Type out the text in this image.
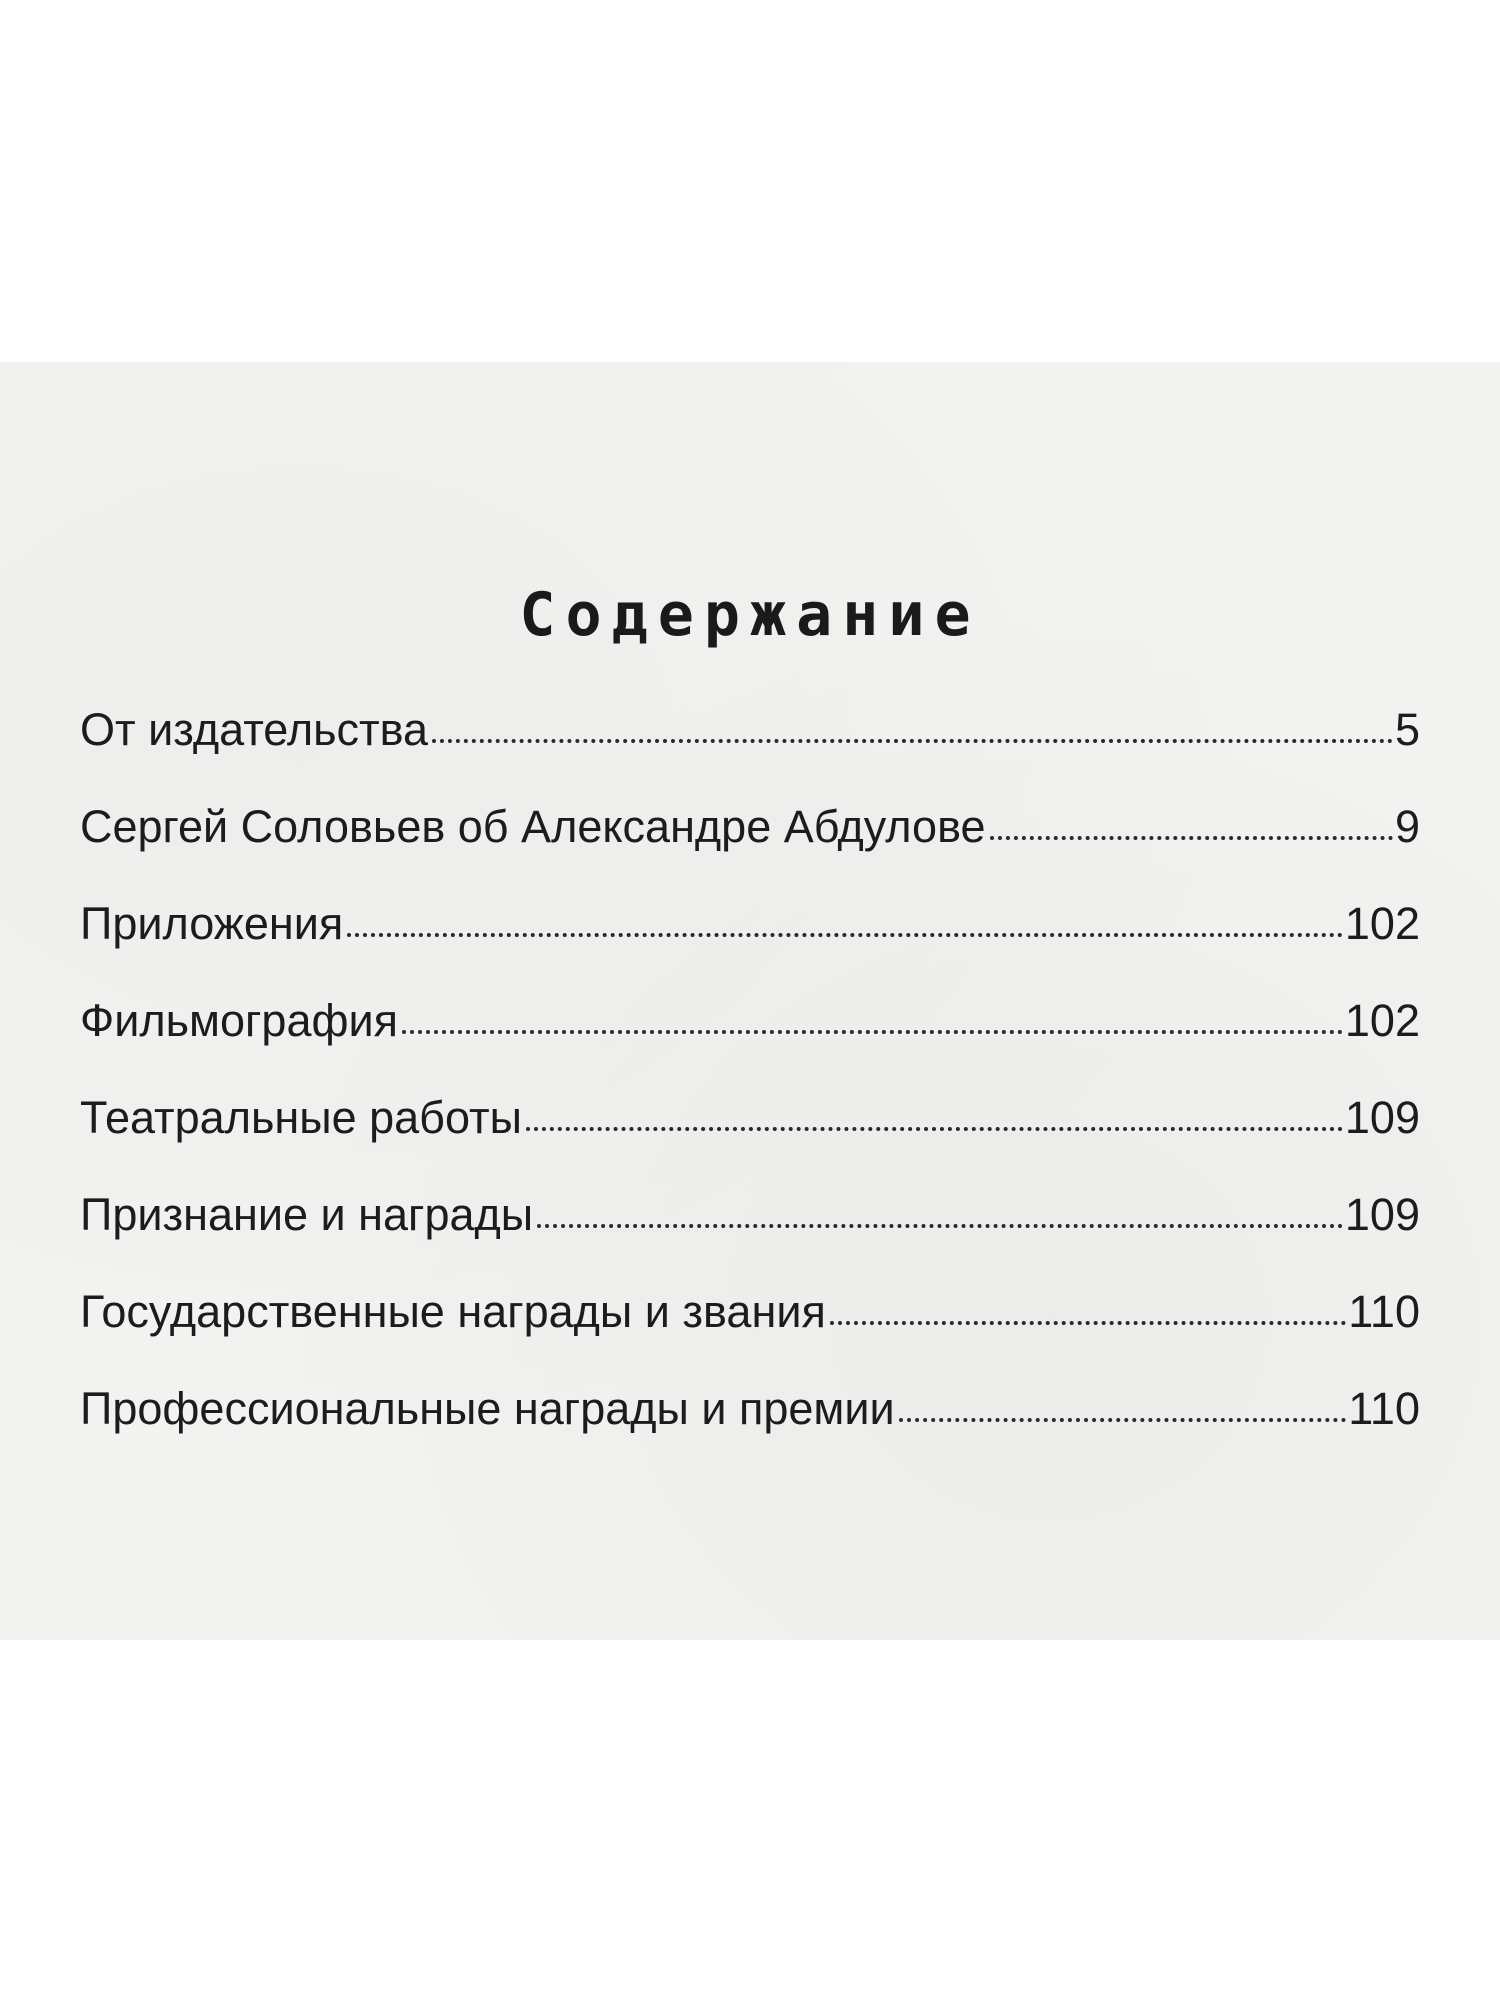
Содержание
От издательства	5
Сергей Соловьев об Александре Абдулове	9
Приложения	102
Фильмография	102
Театральные работы	109
Признание и награды	109
Государственные награды и звания	110
Профессиональные награды и премии	110
